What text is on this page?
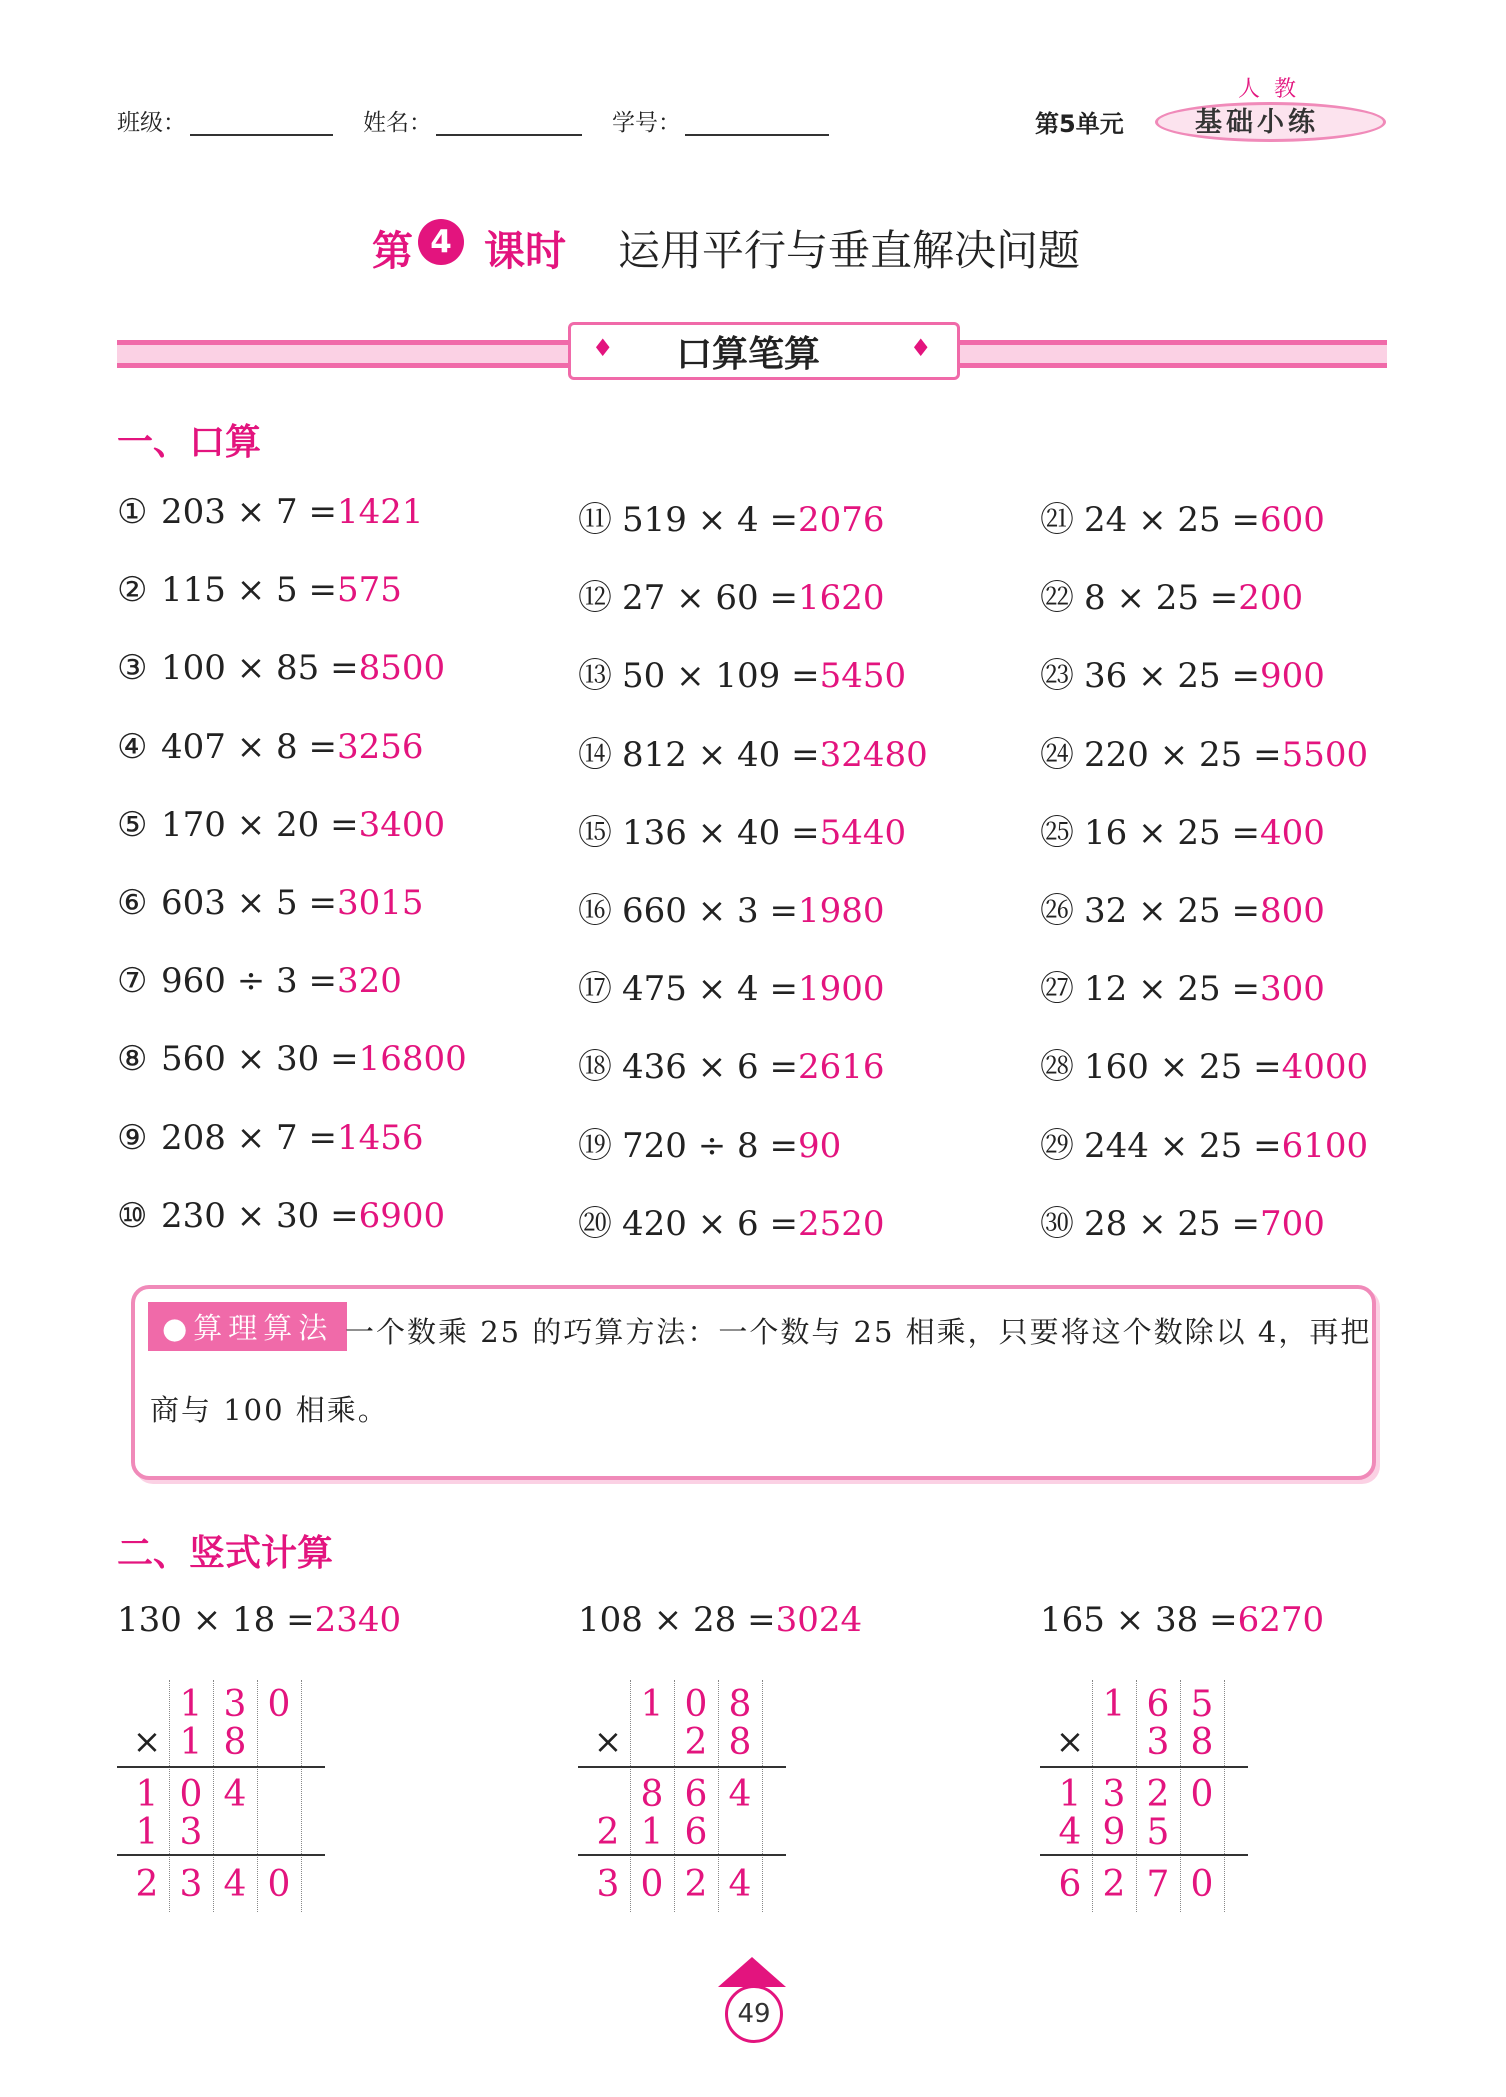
班级：	姓名：	学号：	第5单元
人教
基础小练
第 4 课时 运用平行与垂直解决问题
♦	♦
口算笔算
一、口算
① 203 × 7 =1421
② 115 × 5 =575
③ 100 × 85 =8500
④ 407 × 8 =3256
⑤ 170 × 20 =3400
⑥ 603 × 5 =3015
⑦ 960 ÷ 3 =320
⑧ 560 × 30 =16800
⑨ 208 × 7 =1456
⑩ 230 × 30 =6900
⑪ 519 × 4 =2076
⑫ 27 × 60 =1620
⑬ 50 × 109 =5450
⑭ 812 × 40 =32480
⑮ 136 × 40 =5440
⑯ 660 × 3 =1980
⑰ 475 × 4 =1900
⑱ 436 × 6 =2616
⑲ 720 ÷ 8 =90
⑳ 420 × 6 =2520
㉑ 24 × 25 =600
㉒ 8 × 25 =200
㉓ 36 × 25 =900
㉔ 220 × 25 =5500
㉕ 16 × 25 =400
㉖ 32 × 25 =800
㉗ 12 × 25 =300
㉘ 160 × 25 =4000
㉙ 244 × 25 =6100
㉚ 28 × 25 =700
●算理算法 一个数乘 25 的巧算方法：一个数与 25 相乘，只要将这个数除以 4，再把
商与 100 相乘。
二、竖式计算
130 × 18 =2340
1 3 0
× 1 8
1 0 4
1 3
2 3 4 0
108 × 28 =3024
1 0 8
× 2 8
8 6 4
2 1 6
3 0 2 4
165 × 38 =6270
1 6 5
× 3 8
1 3 2 0
4 9 5
6 2 7 0
49
